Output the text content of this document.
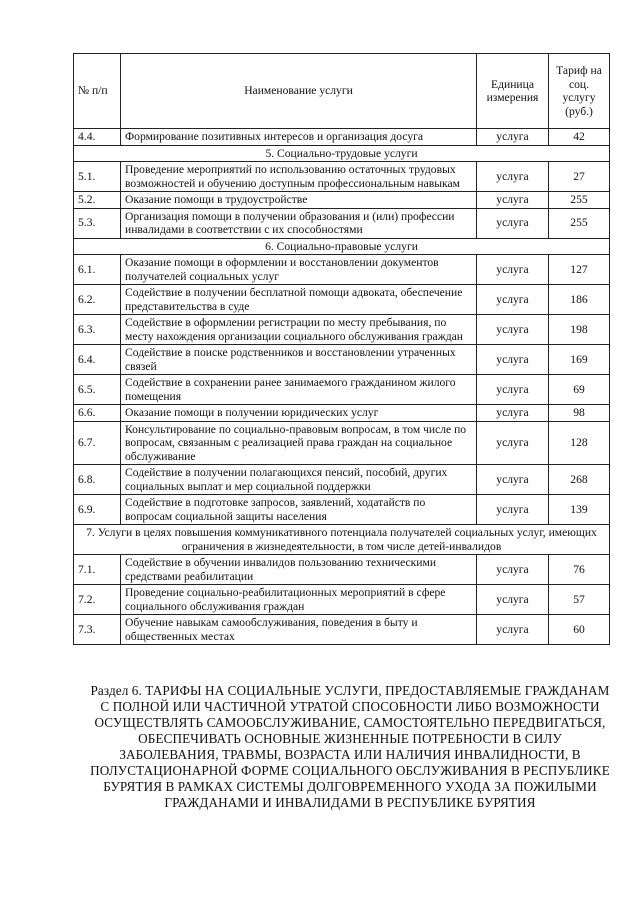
№ п/п	Наименование услуги	Единица измерения	Тариф на соц. услугу (руб.)
4.4.	Формирование позитивных интересов и организация досуга	услуга	42
5. Социально-трудовые услуги			
5.1.	Проведение мероприятий по использованию остаточных трудовых возможностей и обучению доступным профессиональным навыкам	услуга	27
5.2.	Оказание помощи в трудоустройстве	услуга	255
5.3.	Организация помощи в получении образования и (или) профессии инвалидами в соответствии с их способностями	услуга	255
6. Социально-правовые услуги			
6.1.	Оказание помощи в оформлении и восстановлении документов получателей социальных услуг	услуга	127
6.2.	Содействие в получении бесплатной помощи адвоката, обеспечение представительства в суде	услуга	186
6.3.	Содействие в оформлении регистрации по месту пребывания, по месту нахождения организации социального обслуживания граждан	услуга	198
6.4.	Содействие в поиске родственников и восстановлении утраченных связей	услуга	169
6.5.	Содействие в сохранении ранее занимаемого гражданином жилого помещения	услуга	69
6.6.	Оказание помощи в получении юридических услуг	услуга	98
6.7.	Консультирование по социально-правовым вопросам, в том числе по вопросам, связанным с реализацией права граждан на социальное обслуживание	услуга	128
6.8.	Содействие в получении полагающихся пенсий, пособий, других социальных выплат и мер социальной поддержки	услуга	268
6.9.	Содействие в подготовке запросов, заявлений, ходатайств по вопросам социальной защиты населения	услуга	139
7. Услуги в целях повышения коммуникативного потенциала получателей социальных услуг, имеющих ограничения в жизнедеятельности, в том числе детей-инвалидов			
7.1.	Содействие в обучении инвалидов пользованию техническими средствами реабилитации	услуга	76
7.2.	Проведение социально-реабилитационных мероприятий в сфере социального обслуживания граждан	услуга	57
7.3.	Обучение навыкам самообслуживания, поведения в быту и общественных местах	услуга	60
Раздел 6. ТАРИФЫ НА СОЦИАЛЬНЫЕ УСЛУГИ, ПРЕДОСТАВЛЯЕМЫЕ ГРАЖДАНАМ С ПОЛНОЙ ИЛИ ЧАСТИЧНОЙ УТРАТОЙ СПОСОБНОСТИ ЛИБО ВОЗМОЖНОСТИ ОСУЩЕСТВЛЯТЬ САМООБСЛУЖИВАНИЕ, САМОСТОЯТЕЛЬНО ПЕРЕДВИГАТЬСЯ, ОБЕСПЕЧИВАТЬ ОСНОВНЫЕ ЖИЗНЕННЫЕ ПОТРЕБНОСТИ В СИЛУ ЗАБОЛЕВАНИЯ, ТРАВМЫ, ВОЗРАСТА ИЛИ НАЛИЧИЯ ИНВАЛИДНОСТИ, В ПОЛУСТАЦИОНАРНОЙ ФОРМЕ СОЦИАЛЬНОГО ОБСЛУЖИВАНИЯ В РЕСПУБЛИКЕ БУРЯТИЯ В РАМКАХ СИСТЕМЫ ДОЛГОВРЕМЕННОГО УХОДА ЗА ПОЖИЛЫМИ ГРАЖДАНАМИ И ИНВАЛИДАМИ В РЕСПУБЛИКЕ БУРЯТИЯ
